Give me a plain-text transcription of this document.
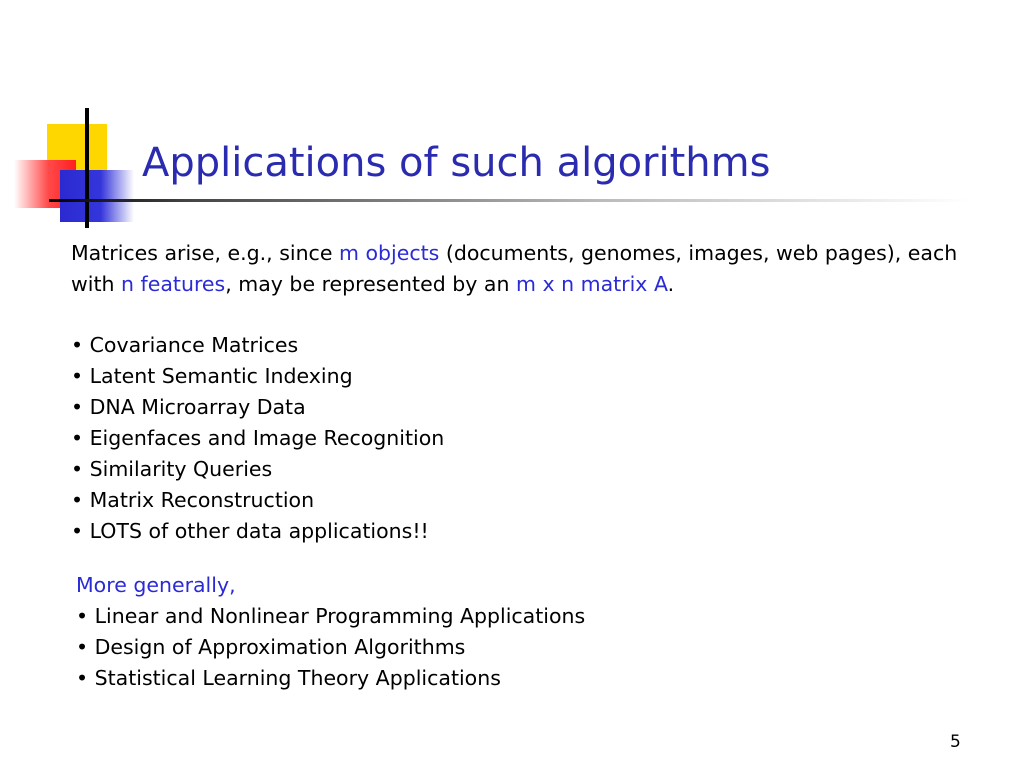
Applications of such algorithms
Matrices arise, e.g., since m objects (documents, genomes, images, web pages), each with n features, may be represented by an m x n matrix A.
• Covariance Matrices
• Latent Semantic Indexing
• DNA Microarray Data
• Eigenfaces and Image Recognition
• Similarity Queries
• Matrix Reconstruction
• LOTS of other data applications!!
More generally,
• Linear and Nonlinear Programming Applications
• Design of Approximation Algorithms
• Statistical Learning Theory Applications
5
